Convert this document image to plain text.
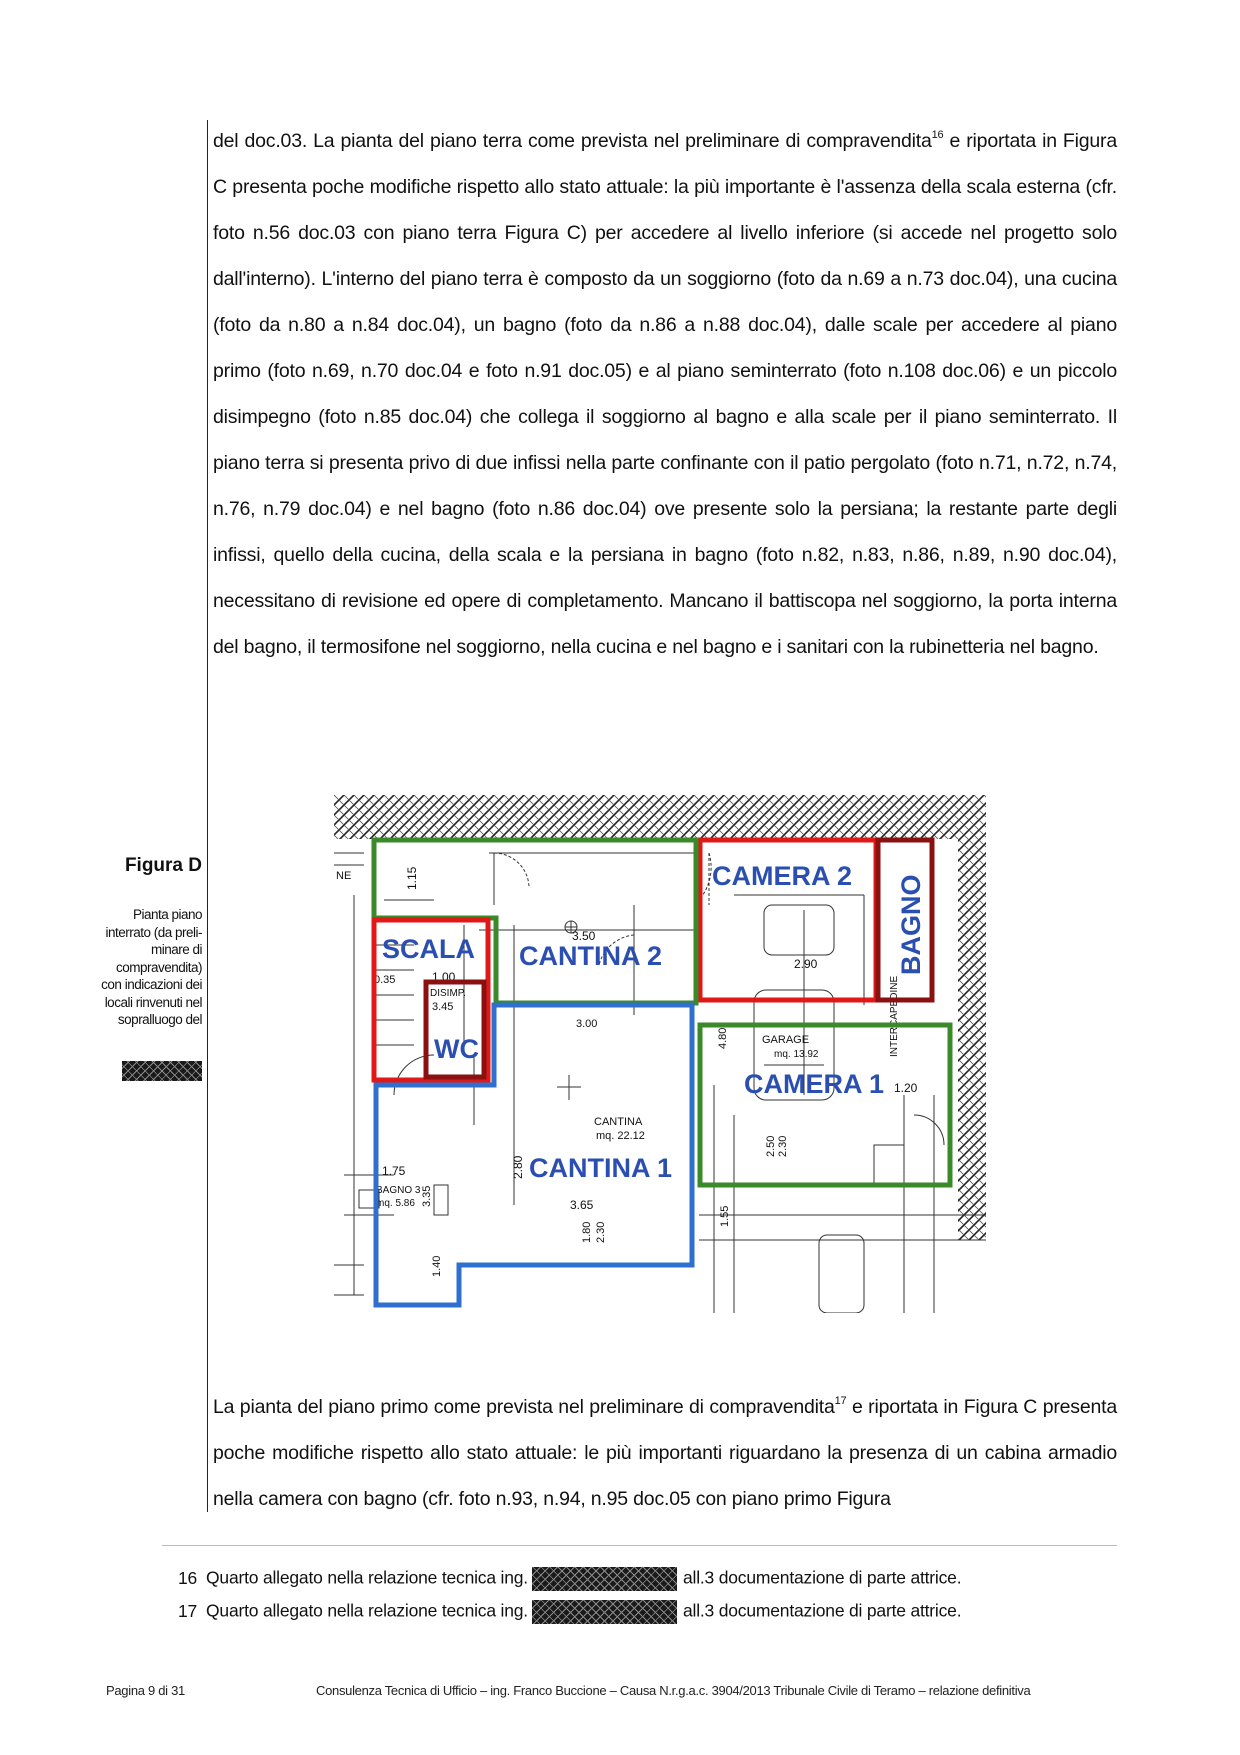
del doc.03. La pianta del piano terra come prevista nel preliminare di compravendita$^{16}$ e riportata in Figura C presenta poche modifiche rispetto allo stato attuale: la più importante è l'assenza della scala esterna (cfr. foto n.56 doc.03 con piano terra Figura C) per accedere al livello inferiore (si accede nel progetto solo dall'interno). L'interno del piano terra è composto da un soggiorno (foto da n.69 a n.73 doc.04), una cucina (foto da n.80 a n.84 doc.04), un bagno (foto da n.86 a n.88 doc.04), dalle scale per accedere al piano primo (foto n.69, n.70 doc.04 e foto n.91 doc.05) e al piano seminterrato (foto n.108 doc.06) e un piccolo disimpegno (foto n.85 doc.04) che collega il soggiorno al bagno e alla scale per il piano seminterrato. Il piano terra si presenta privo di due infissi nella parte confinante con il patio pergolato (foto n.71, n.72, n.74, n.76, n.79 doc.04) e nel bagno (foto n.86 doc.04) ove presente solo la persiana; la restante parte degli infissi, quello della cucina, della scala e la persiana in bagno (foto n.82, n.83, n.86, n.89, n.90 doc.04), necessitano di revisione ed opere di completamento. Mancano il battiscopa nel soggiorno, la porta interna del bagno, il termosifone nel soggiorno, nella cucina e nel bagno e i sanitari con la rubinetteria nel bagno.

Figura D
Pianta piano interrato (da preli-minare di compravendita) con indicazioni dei locali rinvenuti nel sopralluogo del
NE	1.15
3.50
2.90
0.35	1.00
DISIMP.
3.45
3.00
4.80	GARAGE
mq. 13.92	INTERCAPEDINE
1.20
CANTINA
mq. 22.12
2.80
2.50 2.30
1.75
3.35
BAGNO 3
mq. 5.86	3.65
1.80 2.30
1.40
1.55
CAMERA 2 BAGNO
SCALA CANTINA 2
WC
CAMERA 1
CANTINA 1

La pianta del piano primo come prevista nel preliminare di compravendita$^{17}$ e riportata in Figura C presenta poche modifiche rispetto allo stato attuale: le più importanti riguardano la presenza di un cabina armadio nella camera con bagno (cfr. foto n.93, n.94, n.95 doc.05 con piano primo Figura

16 Quarto allegato nella relazione tecnica ing.	all.3 documentazione di parte attrice.
17 Quarto allegato nella relazione tecnica ing.	all.3 documentazione di parte attrice.
Pagina 9 di 31	Consulenza Tecnica di Ufficio – ing. Franco Buccione – Causa N.r.g.a.c. 3904/2013 Tribunale Civile di Teramo – relazione definitiva
